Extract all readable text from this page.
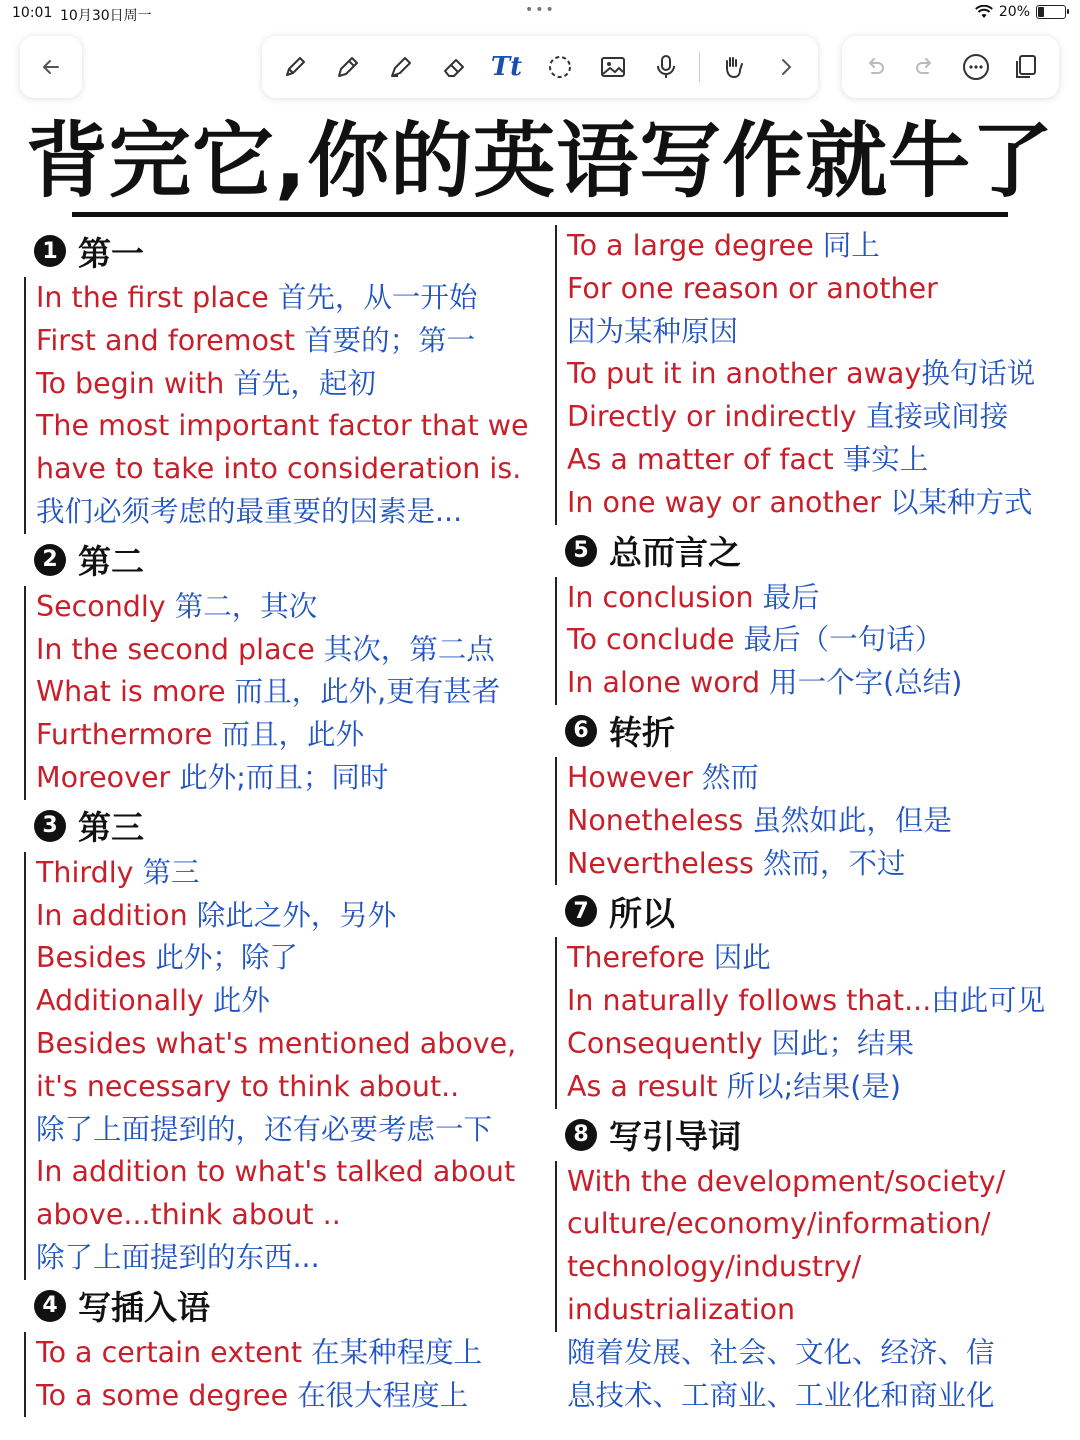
10:01 10月30日周一	•••	20%
Tt
背完它,你的英语写作就牛了
1 第一
In the first place 首先，从一开始
First and foremost 首要的；第一
To begin with 首先，起初
The most important factor that we
have to take into consideration is.
我们必须考虑的最重要的因素是...
2 第二
Secondly 第二，其次
In the second place 其次，第二点
What is more 而且，此外,更有甚者
Furthermore 而且，此外
Moreover 此外;而且；同时
3 第三
Thirdly 第三
In addition 除此之外，另外
Besides 此外；除了
Additionally 此外
Besides what's mentioned above,
it's necessary to think about..
除了上面提到的，还有必要考虑一下
In addition to what's talked about
above...think about ..
除了上面提到的东西...
4 写插入语
To a certain extent 在某种程度上
To a some degree 在很大程度上
To a large degree 同上
For one reason or another
因为某种原因
To put it in another away换句话说
Directly or indirectly 直接或间接
As a matter of fact 事实上
In one way or another 以某种方式
5 总而言之
In conclusion 最后
To conclude 最后（一句话）
In alone word 用一个字(总结)
6 转折
However 然而
Nonetheless 虽然如此，但是
Nevertheless 然而，不过
7 所以
Therefore 因此
In naturally follows that...由此可见
Consequently 因此；结果
As a result 所以;结果(是)
8 写引导词
With the development/society/
culture/economy/information/
technology/industry/
industrialization
随着发展、社会、文化、经济、信
息技术、工商业、工业化和商业化
